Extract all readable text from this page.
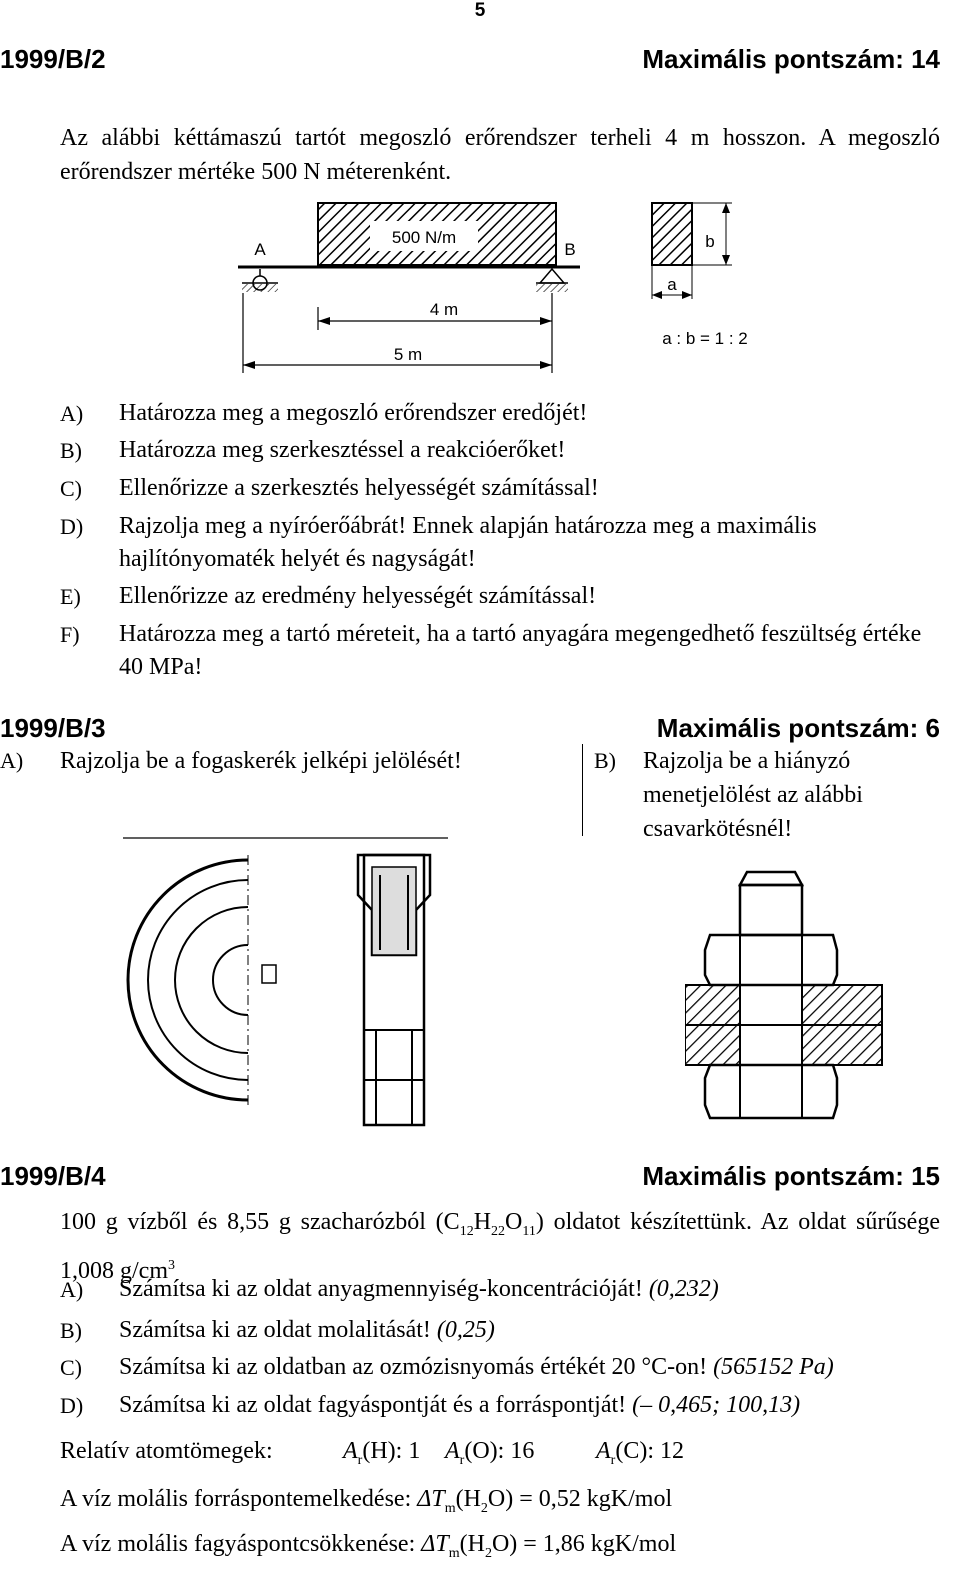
5
1999/B/2	Maximális pontszám: 14
Az alábbi kéttámaszú tartót megoszló erőrendszer terheli 4 m hosszon. A megoszló erőrendszer mértéke 500 N méterenként.
500 N/m
A	B
4 m
5 m
b
a
a : b = 1 : 2
A) Határozza meg a megoszló erőrendszer eredőjét!
B) Határozza meg szerkesztéssel a reakcióerőket!
C) Ellenőrizze a szerkesztés helyességét számítással!
D) Rajzolja meg a nyíróerőábrát! Ennek alapján határozza meg a maximális hajlítónyomaték helyét és nagyságát!
E) Ellenőrizze az eredmény helyességét számítással!
F) Határozza meg a tartó méreteit, ha a tartó anyagára megengedhető feszültség értéke 40 MPa!
1999/B/3	Maximális pontszám: 6
A) Rajzolja be a fogaskerék jelképi jelölését!	B) Rajzolja be a hiányzó menetjelölést az alábbi csavarkötésnél!
1999/B/4	Maximális pontszám: 15
100 g vízből és 8,55 g szacharózból $(C_{12}H_{22}O_{11})$ oldatot készítettünk. Az oldat sűrűsége 1,008 $g/cm^3$
A) Számítsa ki az oldat anyagmennyiség-koncentrációját! (0,232)
B) Számítsa ki az oldat molalitását! (0,25)
C) Számítsa ki az oldatban az ozmózisnyomás értékét 20 °C-on! (565152 Pa)
D) Számítsa ki az oldat fagyáspontját és a forráspontját! (– 0,465; 100,13)
Relatív atomtömegek:	$A_r(H)$: 1 $A_r(O)$: 16	$A_r(C)$: 12
A víz molális forráspontemelkedése: $\Delta T_m(H_2O) = 0,52$ kgK/mol
A víz molális fagyáspontcsökkenése: $\Delta T_m(H_2O) = 1,86$ kgK/mol
